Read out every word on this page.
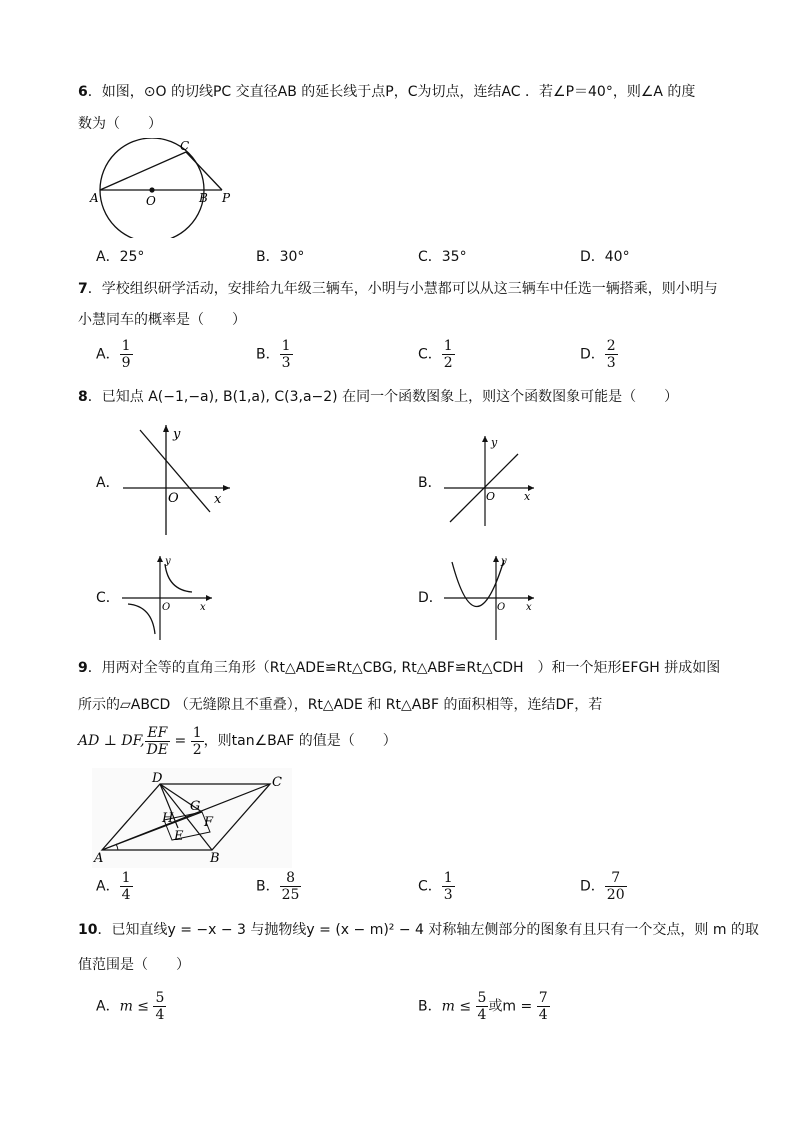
6．如图，⊙O 的切线PC 交直径AB 的延长线于点P，C为切点，连结AC ．若∠P＝40°，则∠A 的度
数为（　　）
A	O	B P
C
A．25°	B．30°	C．35°	D．40°
7．学校组织研学活动，安排给九年级三辆车，小明与小慧都可以从这三辆车中任选一辆搭乘，则小明与
小慧同车的概率是（　　）
A． $\frac{1}{9}$	B． $\frac{1}{3}$	C． $\frac{1}{2}$	D． $\frac{2}{3}$
8．已知点 A(−1,−a), B(1,a), C(3,a−2) 在同一个函数图象上，则这个函数图象可能是（　　）
A．
y
x
O
B．
y
x
O
C．
y
x
O
D．
y
x
O
9．用两对全等的直角三角形（Rt△ADE≌Rt△CBG, Rt△ABF≌Rt△CDH　）和一个矩形EFGH 拼成如图
所示的▱ABCD （无缝隙且不重叠），Rt△ADE 和 Rt△ABF 的面积相等，连结DF，若
AD ⊥ DF, $\frac{EF}{DE} = \frac{1}{2}$ ，则tan∠BAF 的值是（　　）
A	B
C
D
G
H F
E
A． $\frac{1}{4}$	B． $\frac{8}{25}$	C． $\frac{1}{3}$	D． $\frac{7}{20}$
10．已知直线y = −x − 3 与抛物线y = (x − m)² − 4 对称轴左侧部分的图象有且只有一个交点，则 m 的取
值范围是（　　）
A．$m \le \frac{5}{4}$	B．$m \le \frac{5}{4}$ 或$m = \frac{7}{4}$
